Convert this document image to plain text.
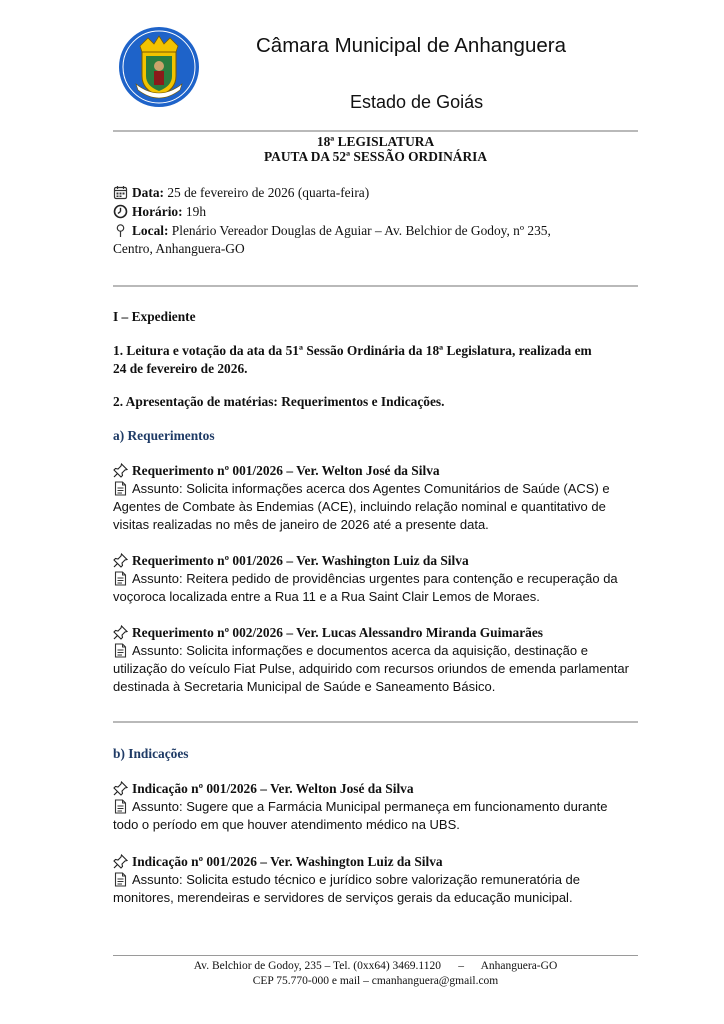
Câmara Municipal de Anhanguera
Estado de Goiás
18ª LEGISLATURA
PAUTA DA 52ª SESSÃO ORDINÁRIA
Data: 25 de fevereiro de 2026 (quarta-feira)
Horário: 19h
Local: Plenário Vereador Douglas de Aguiar – Av. Belchior de Godoy, nº 235,
Centro, Anhanguera-GO
I – Expediente
1. Leitura e votação da ata da 51ª Sessão Ordinária da 18ª Legislatura, realizada em
24 de fevereiro de 2026.
2. Apresentação de matérias: Requerimentos e Indicações.
a) Requerimentos
Requerimento nº 001/2026 – Ver. Welton José da Silva
Assunto: Solicita informações acerca dos Agentes Comunitários de Saúde (ACS) e
Agentes de Combate às Endemias (ACE), incluindo relação nominal e quantitativo de
visitas realizadas no mês de janeiro de 2026 até a presente data.
Requerimento nº 001/2026 – Ver. Washington Luiz da Silva
Assunto: Reitera pedido de providências urgentes para contenção e recuperação da
voçoroca localizada entre a Rua 11 e a Rua Saint Clair Lemos de Moraes.
Requerimento nº 002/2026 – Ver. Lucas Alessandro Miranda Guimarães
Assunto: Solicita informações e documentos acerca da aquisição, destinação e
utilização do veículo Fiat Pulse, adquirido com recursos oriundos de emenda parlamentar
destinada à Secretaria Municipal de Saúde e Saneamento Básico.
b) Indicações
Indicação nº 001/2026 – Ver. Welton José da Silva
Assunto: Sugere que a Farmácia Municipal permaneça em funcionamento durante
todo o período em que houver atendimento médico na UBS.
Indicação nº 001/2026 – Ver. Washington Luiz da Silva
Assunto: Solicita estudo técnico e jurídico sobre valorização remuneratória de
monitores, merendeiras e servidores de serviços gerais da educação municipal.
Av. Belchior de Godoy, 235 – Tel. (0xx64) 3469.1120      –      Anhanguera-GO
CEP 75.770-000 e mail – cmanhanguera@gmail.com
